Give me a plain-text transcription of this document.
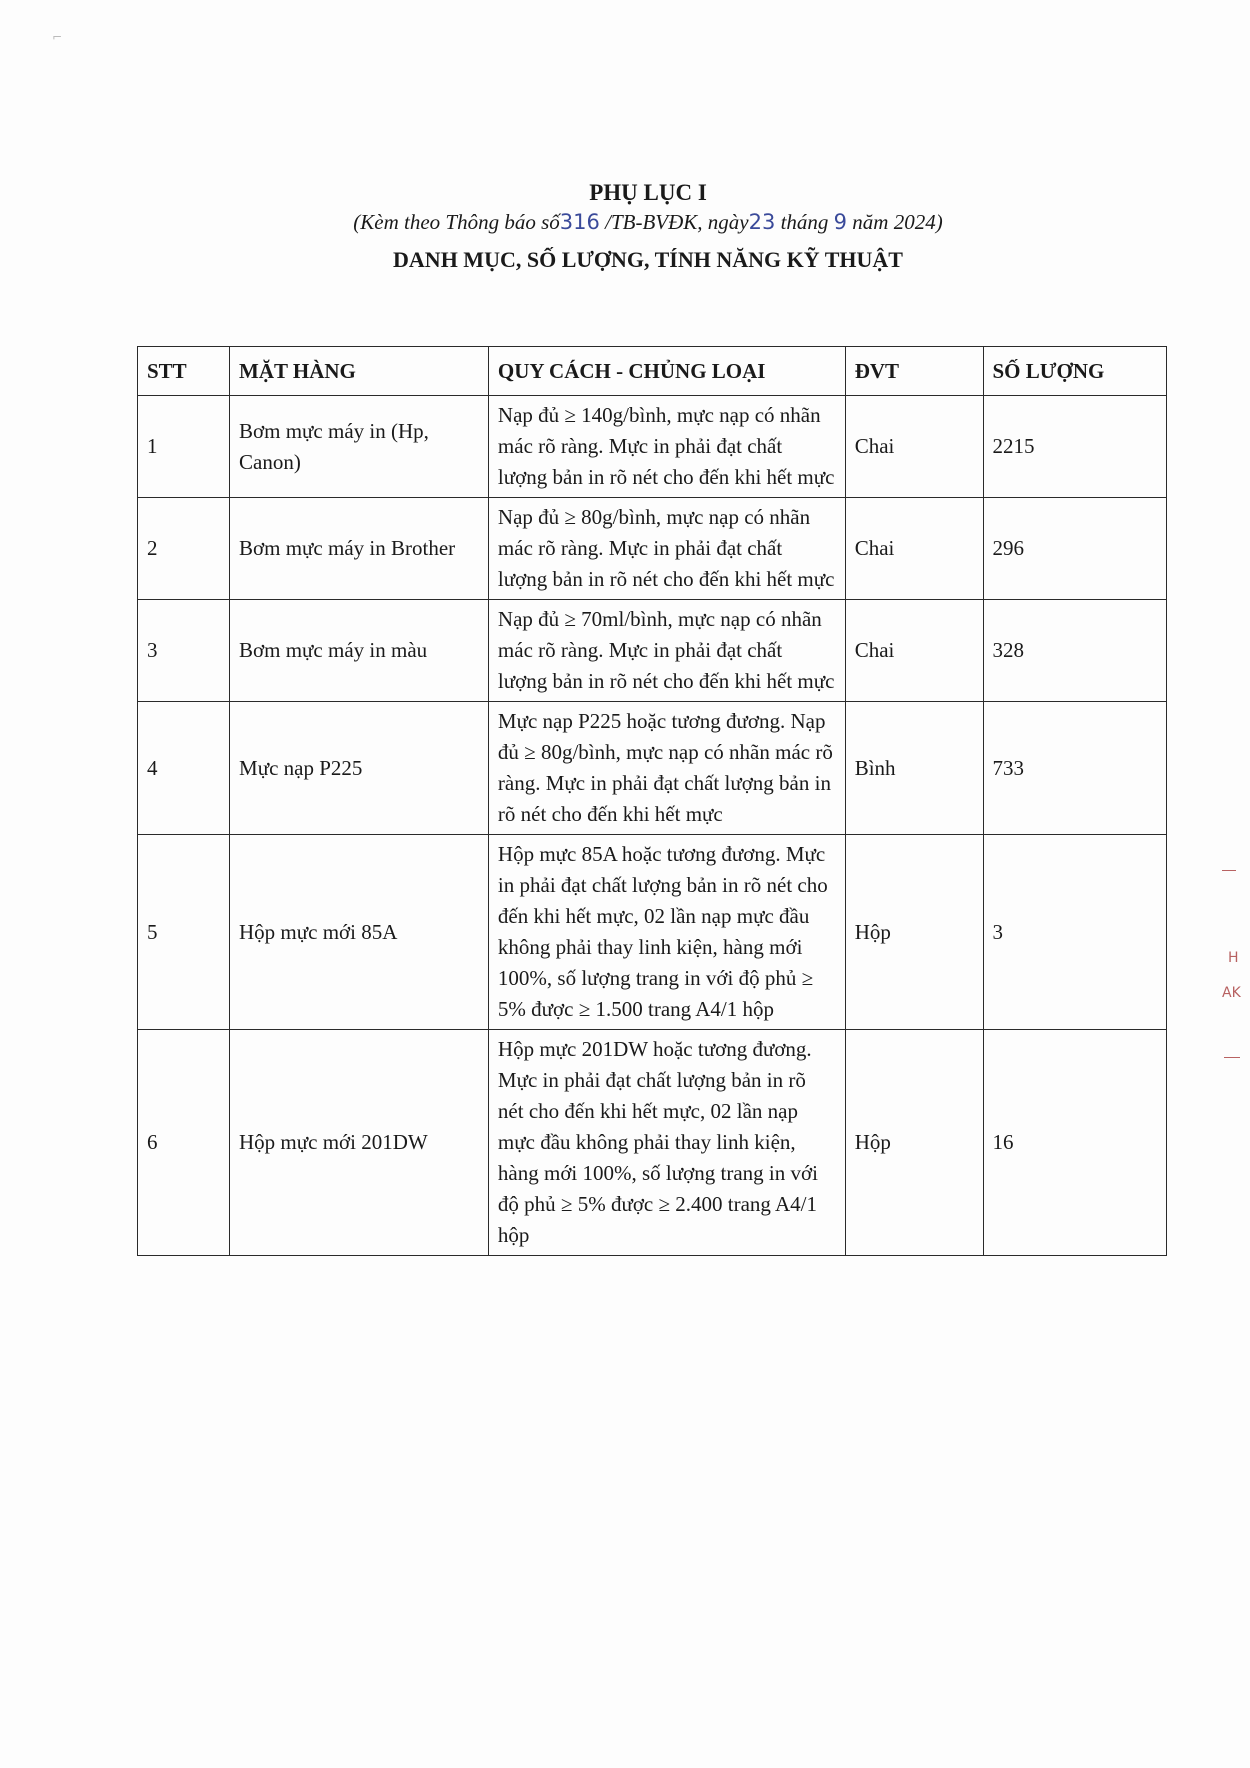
PHỤ LỤC I
(Kèm theo Thông báo số316 /TB-BVĐK, ngày23 tháng 9 năm 2024)
DANH MỤC, SỐ LƯỢNG, TÍNH NĂNG KỸ THUẬT
STT	MẶT HÀNG	QUY CÁCH - CHỦNG LOẠI	ĐVT	SỐ LƯỢNG
1	Bơm mực máy in (Hp, Canon)	Nạp đủ ≥ 140g/bình, mực nạp có nhãn mác rõ ràng. Mực in phải đạt chất lượng bản in rõ nét cho đến khi hết mực	Chai	2215
2	Bơm mực máy in Brother	Nạp đủ ≥ 80g/bình, mực nạp có nhãn mác rõ ràng. Mực in phải đạt chất lượng bản in rõ nét cho đến khi hết mực	Chai	296
3	Bơm mực máy in màu	Nạp đủ ≥ 70ml/bình, mực nạp có nhãn mác rõ ràng. Mực in phải đạt chất lượng bản in rõ nét cho đến khi hết mực	Chai	328
4	Mực nạp P225	Mực nạp P225 hoặc tương đương. Nạp đủ ≥ 80g/bình, mực nạp có nhãn mác rõ ràng. Mực in phải đạt chất lượng bản in rõ nét cho đến khi hết mực	Bình	733
5	Hộp mực mới 85A	Hộp mực 85A hoặc tương đương. Mực in phải đạt chất lượng bản in rõ nét cho đến khi hết mực, 02 lần nạp mực đầu không phải thay linh kiện, hàng mới 100%, số lượng trang in với độ phủ ≥ 5% được ≥ 1.500 trang A4/1 hộp	Hộp	3
6	Hộp mực mới 201DW	Hộp mực 201DW hoặc tương đương. Mực in phải đạt chất lượng bản in rõ nét cho đến khi hết mực, 02 lần nạp mực đầu không phải thay linh kiện, hàng mới 100%, số lượng trang in với độ phủ ≥ 5% được ≥ 2.400 trang A4/1 hộp	Hộp	16
H
AK
⌐
